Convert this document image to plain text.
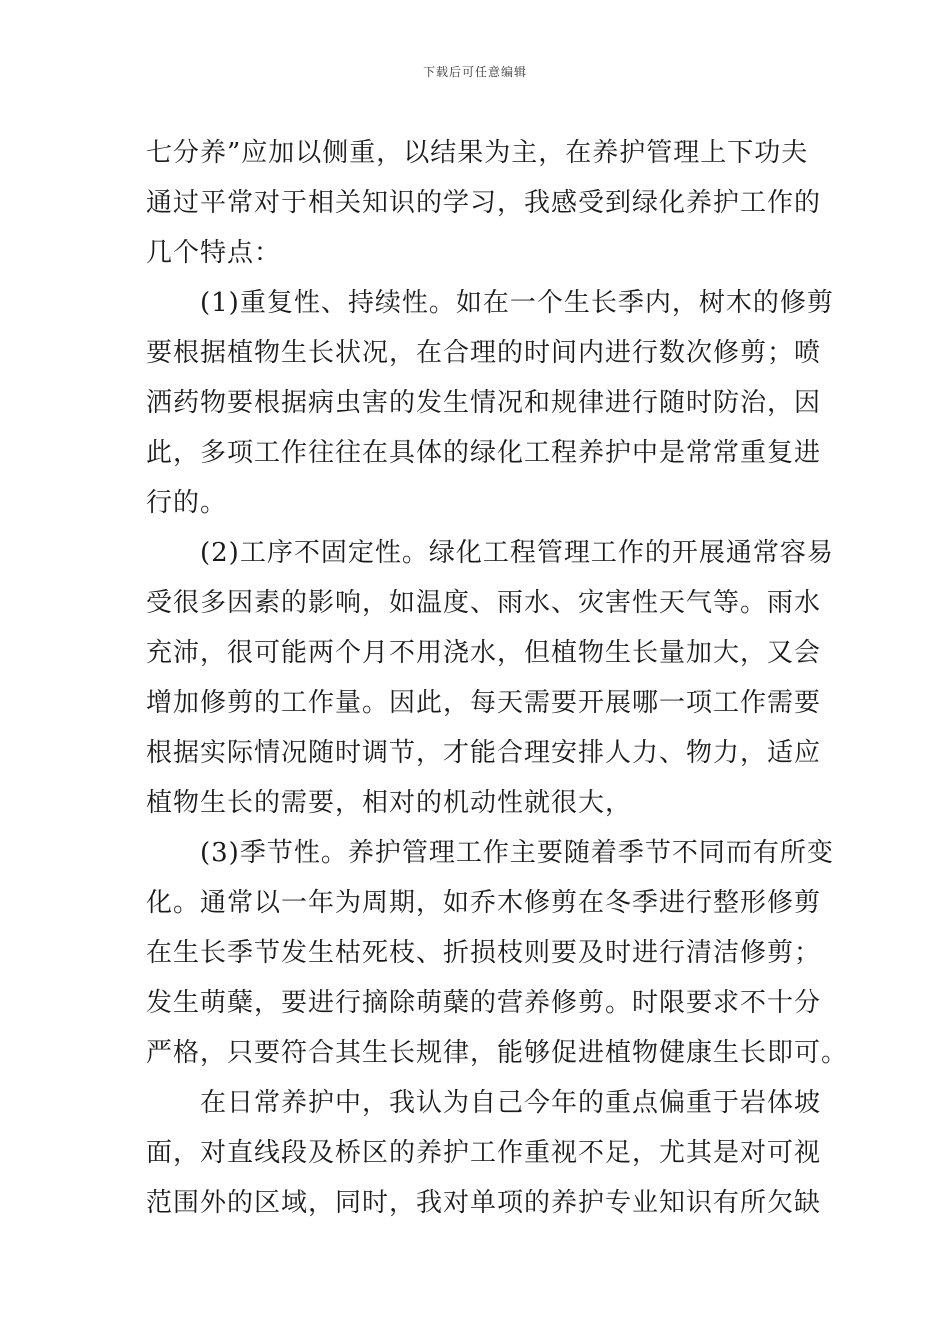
下载后可任意编辑
七分养”应加以侧重，以结果为主，在养护管理上下功夫
通过平常对于相关知识的学习，我感受到绿化养护工作的
几个特点：
(1)重复性、持续性。如在一个生长季内，树木的修剪
要根据植物生长状况，在合理的时间内进行数次修剪；喷
洒药物要根据病虫害的发生情况和规律进行随时防治，因
此，多项工作往往在具体的绿化工程养护中是常常重复进
行的。
(2)工序不固定性。绿化工程管理工作的开展通常容易
受很多因素的影响，如温度、雨水、灾害性天气等。雨水
充沛，很可能两个月不用浇水，但植物生长量加大，又会
增加修剪的工作量。因此，每天需要开展哪一项工作需要
根据实际情况随时调节，才能合理安排人力、物力，适应
植物生长的需要，相对的机动性就很大，
(3)季节性。养护管理工作主要随着季节不同而有所变
化。通常以一年为周期，如乔木修剪在冬季进行整形修剪
在生长季节发生枯死枝、折损枝则要及时进行清洁修剪；
发生萌蘖，要进行摘除萌蘖的营养修剪。时限要求不十分
严格，只要符合其生长规律，能够促进植物健康生长即可。
在日常养护中，我认为自己今年的重点偏重于岩体坡
面，对直线段及桥区的养护工作重视不足，尤其是对可视
范围外的区域，同时，我对单项的养护专业知识有所欠缺
